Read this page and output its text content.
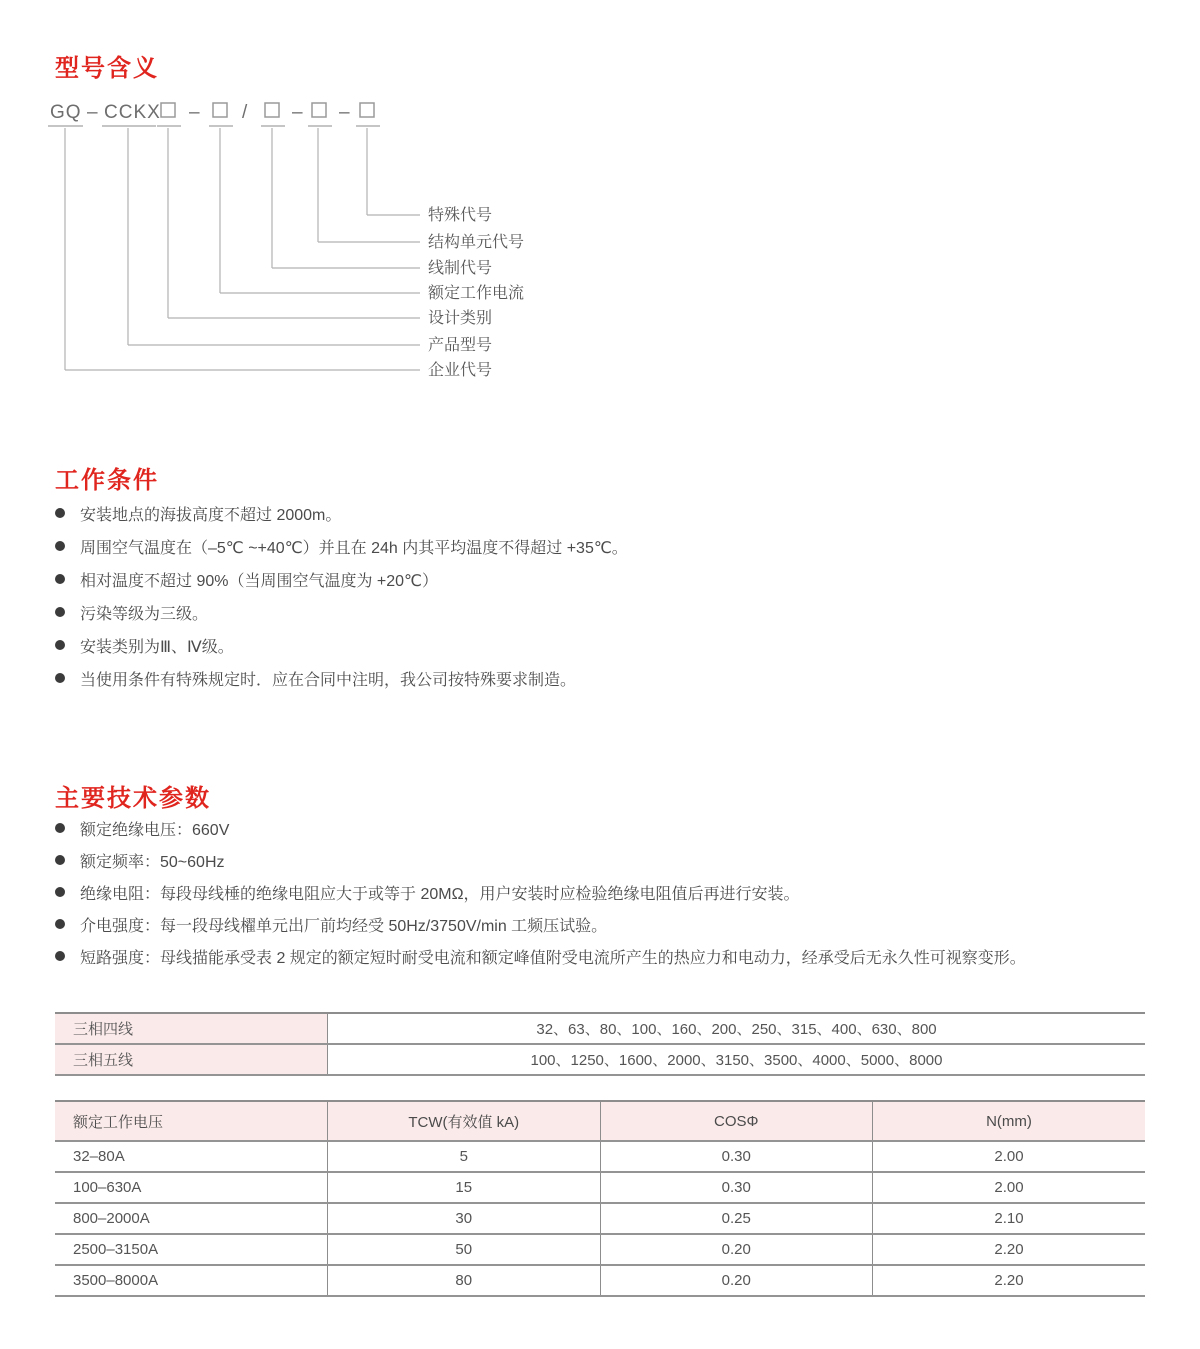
型号含义
GQ – CCKX – / – –
特殊代号
结构单元代号
线制代号
额定工作电流
设计类别
产品型号
企业代号
工作条件
安装地点的海拔高度不超过 2000m。
周围空气温度在（–5℃ ~+40℃）并且在 24h 内其平均温度不得超过 +35℃。
相对温度不超过 90%（当周围空气温度为 +20℃）
污染等级为三级。
安装类别为Ⅲ、Ⅳ级。
当使用条件有特殊规定时．应在合同中注明，我公司按特殊要求制造。
主要技术参数
额定绝缘电压：660V
额定频率：50~60Hz
绝缘电阻：每段母线棰的绝缘电阻应大于或等于 20MΩ，用户安装时应检验绝缘电阻值后再进行安装。
介电强度：每一段母线櫂单元出厂前均经受 50Hz/3750V/min 工频压试验。
短路强度：母线描能承受表 2 规定的额定短时耐受电流和额定峰值附受电流所产生的热应力和电动力，经承受后无永久性可视察变形。
三相四线	32、63、80、100、160、200、250、315、400、630、800
三相五线	100、1250、1600、2000、3150、3500、4000、5000、8000
额定工作电压	TCW(有效值 kA)	COSΦ	N(mm)
32–80A	5	0.30	2.00
100–630A	15	0.30	2.00
800–2000A	30	0.25	2.10
2500–3150A	50	0.20	2.20
3500–8000A	80	0.20	2.20
